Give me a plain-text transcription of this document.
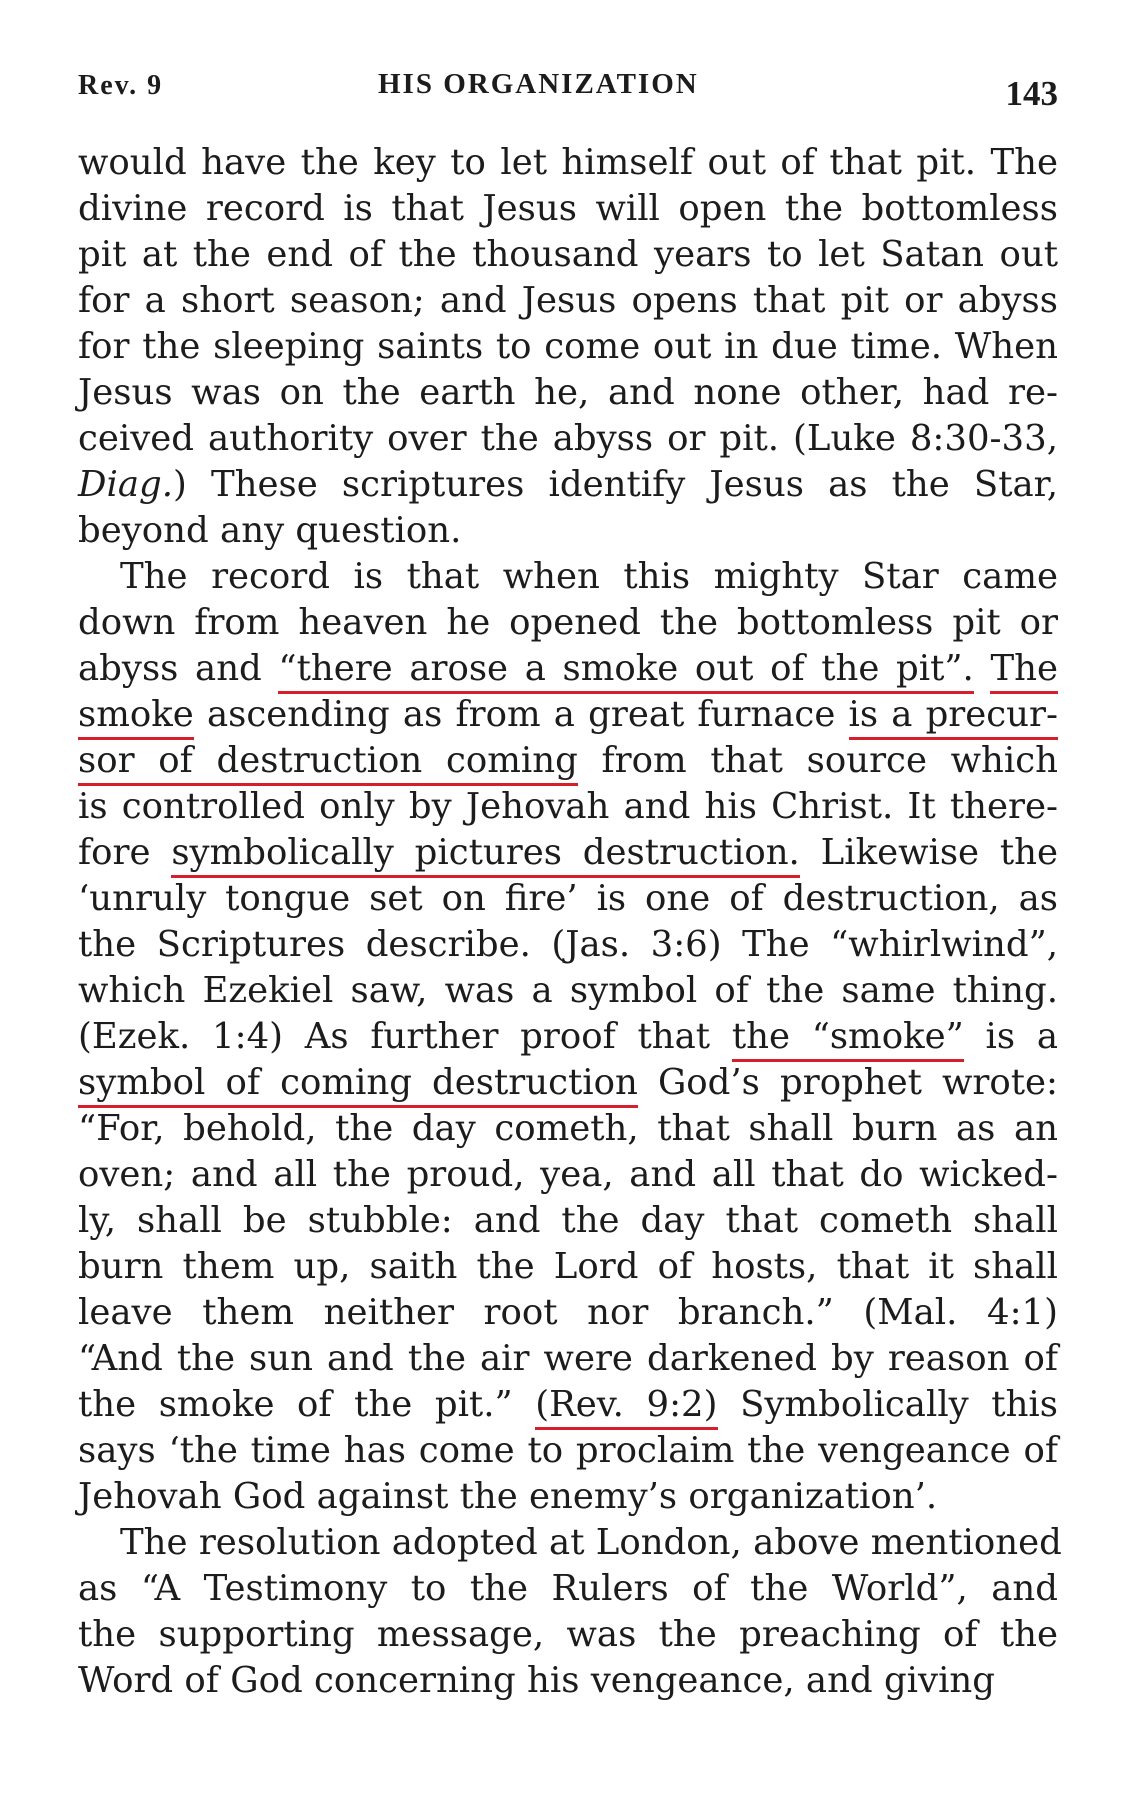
Rev. 9	HIS ORGANIZATION	143
would have the key to let himself out of that pit. The
divine record is that Jesus will open the bottomless
pit at the end of the thousand years to let Satan out
for a short season; and Jesus opens that pit or abyss
for the sleeping saints to come out in due time. When
Jesus was on the earth he, and none other, had re-
ceived authority over the abyss or pit. (Luke 8:30-33,
Diag.) These scriptures identify Jesus as the Star,
beyond any question.
The record is that when this mighty Star came
down from heaven he opened the bottomless pit or
abyss and “there arose a smoke out of the pit”. The
smoke ascending as from a great furnace is a precur-
sor of destruction coming from that source which
is controlled only by Jehovah and his Christ. It there-
fore symbolically pictures destruction. Likewise the
‘unruly tongue set on fire’ is one of destruction, as
the Scriptures describe. (Jas. 3:6) The “whirlwind”,
which Ezekiel saw, was a symbol of the same thing.
(Ezek. 1:4) As further proof that the “smoke” is a
symbol of coming destruction God’s prophet wrote:
“For, behold, the day cometh, that shall burn as an
oven; and all the proud, yea, and all that do wicked-
ly, shall be stubble: and the day that cometh shall
burn them up, saith the Lord of hosts, that it shall
leave them neither root nor branch.” (Mal. 4:1)
“And the sun and the air were darkened by reason of
the smoke of the pit.” (Rev. 9:2) Symbolically this
says ‘the time has come to proclaim the vengeance of
Jehovah God against the enemy’s organization’.
The resolution adopted at London, above mentioned
as “A Testimony to the Rulers of the World”, and
the supporting message, was the preaching of the
Word of God concerning his vengeance, and giving
